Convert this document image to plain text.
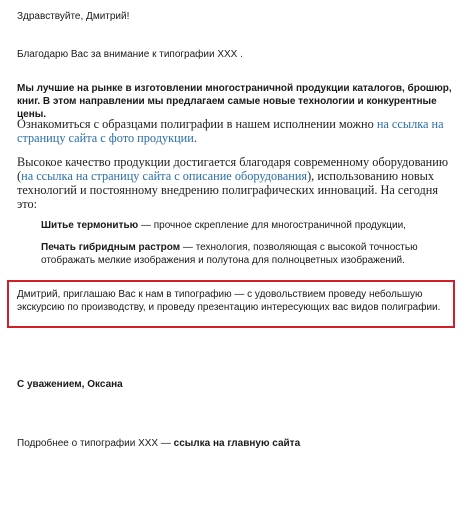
Здравствуйте, Дмитрий!

Благодарю Вас за внимание к типографии ХХХ .

Мы лучшие на рынке в изготовлении многостраничной продукции каталогов, брошюр, книг. В этом направлении мы предлагаем самые новые технологии и конкурентные цены.

Ознакомиться с образцами полиграфии в нашем исполнении можно на ссылка на страницу сайта с фото продукции.

Высокое качество продукции достигается благодаря современному оборудованию (на ссылка на страницу сайта с описание оборудования), использованию новых технологий и постоянному внедрению полиграфических инноваций. На сегодня это:

Шитье термонитью — прочное скрепление для многостраничной продукции,

Печать гибридным растром — технология, позволяющая с высокой точностью отображать мелкие изображения и полутона для полноцветных изображений.

Дмитрий, приглашаю Вас к нам в типографию — с удовольствием проведу небольшую экскурсию по производству, и проведу презентацию интересующих вас видов полиграфии.

С уважением, Оксана

Подробнее о типографии ХХХ — ссылка на главную сайта
